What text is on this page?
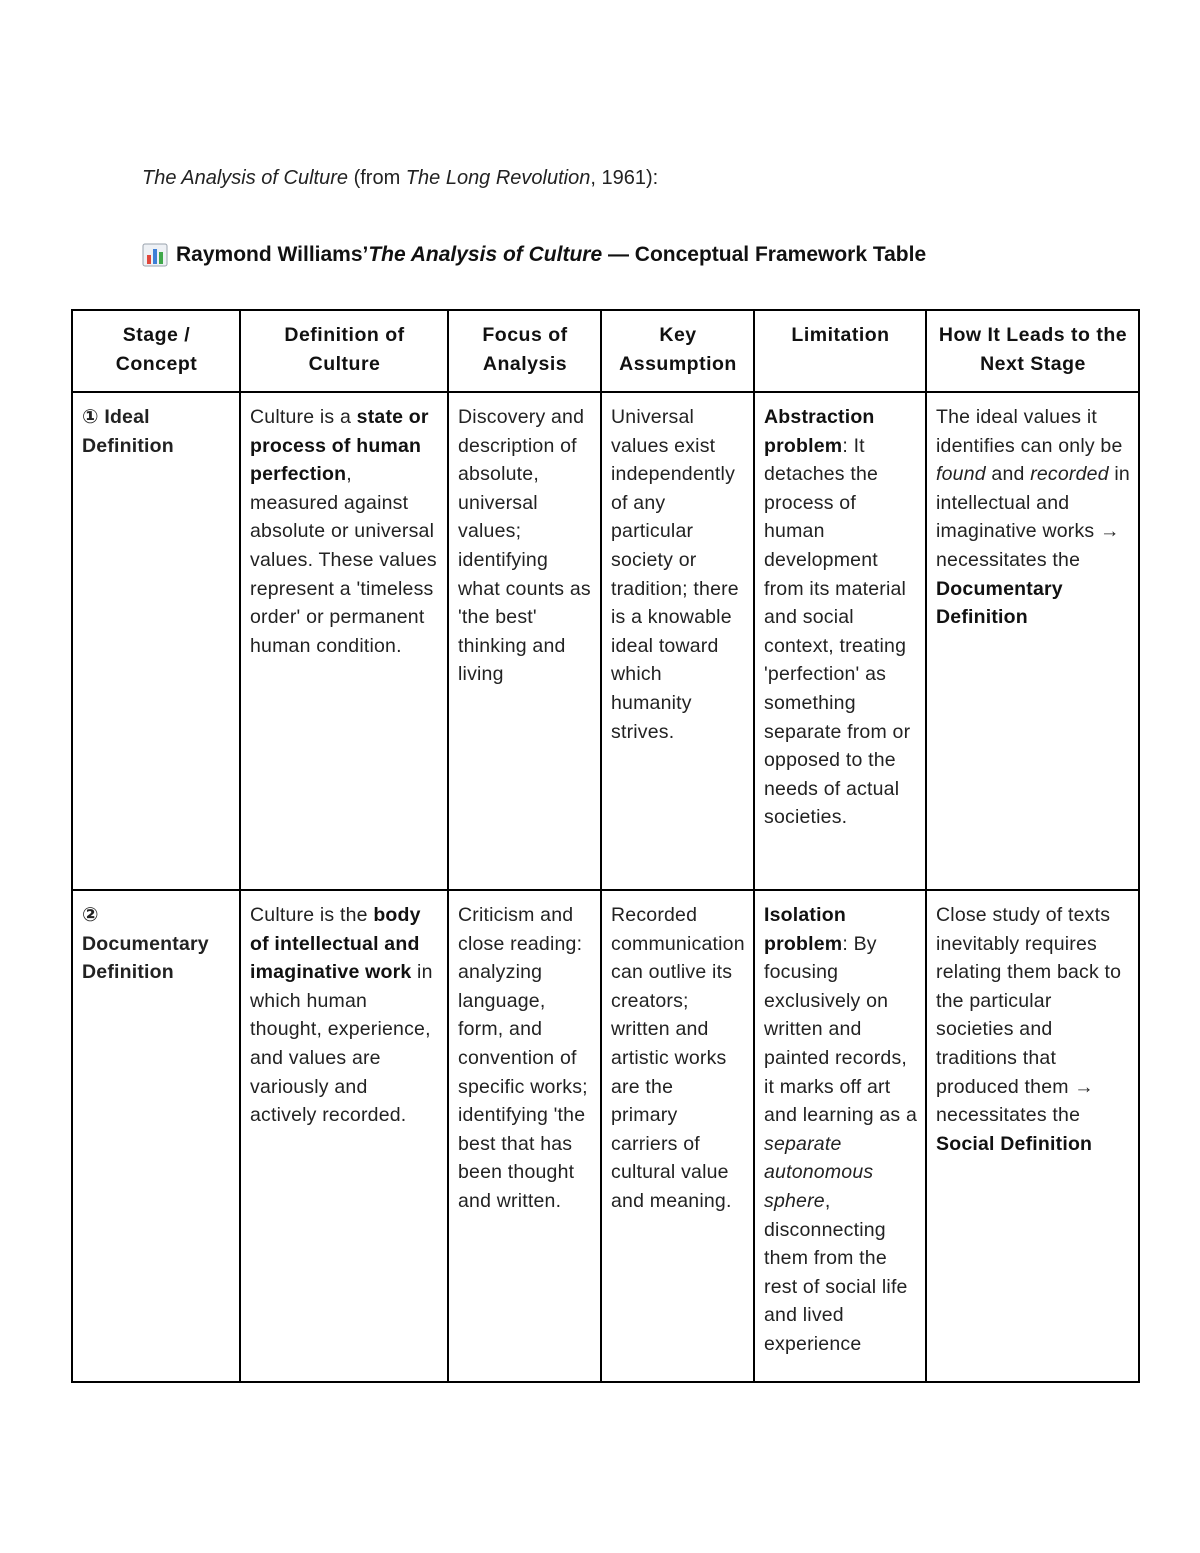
The Analysis of Culture (from The Long Revolution, 1961):
Raymond Williams’ The Analysis of Culture — Conceptual Framework Table
Stage / Concept	Definition of Culture	Focus of Analysis	Key Assumption	Limitation	How It Leads to the Next Stage
① Ideal Definition	Culture is a state or process of human perfection, measured against absolute or universal values. These values represent a 'timeless order' or permanent human condition.	Discovery and description of absolute, universal values; identifying what counts as 'the best' thinking and living	Universal values exist independently of any particular society or tradition; there is a knowable ideal toward which humanity strives.	Abstraction problem: It detaches the process of human development from its material and social context, treating 'perfection' as something separate from or opposed to the needs of actual societies.	The ideal values it identifies can only be found and recorded in intellectual and imaginative works → necessitates the Documentary Definition
② Documentary Definition	Culture is the body of intellectual and imaginative work in which human thought, experience, and values are variously and actively recorded.	Criticism and close reading: analyzing language, form, and convention of specific works; identifying 'the best that has been thought and written.	Recorded communication can outlive its creators; written and artistic works are the primary carriers of cultural value and meaning.	Isolation problem: By focusing exclusively on written and painted records, it marks off art and learning as a separate autonomous sphere, disconnecting them from the rest of social life and lived experience	Close study of texts inevitably requires relating them back to the particular societies and traditions that produced them → necessitates the Social Definition
